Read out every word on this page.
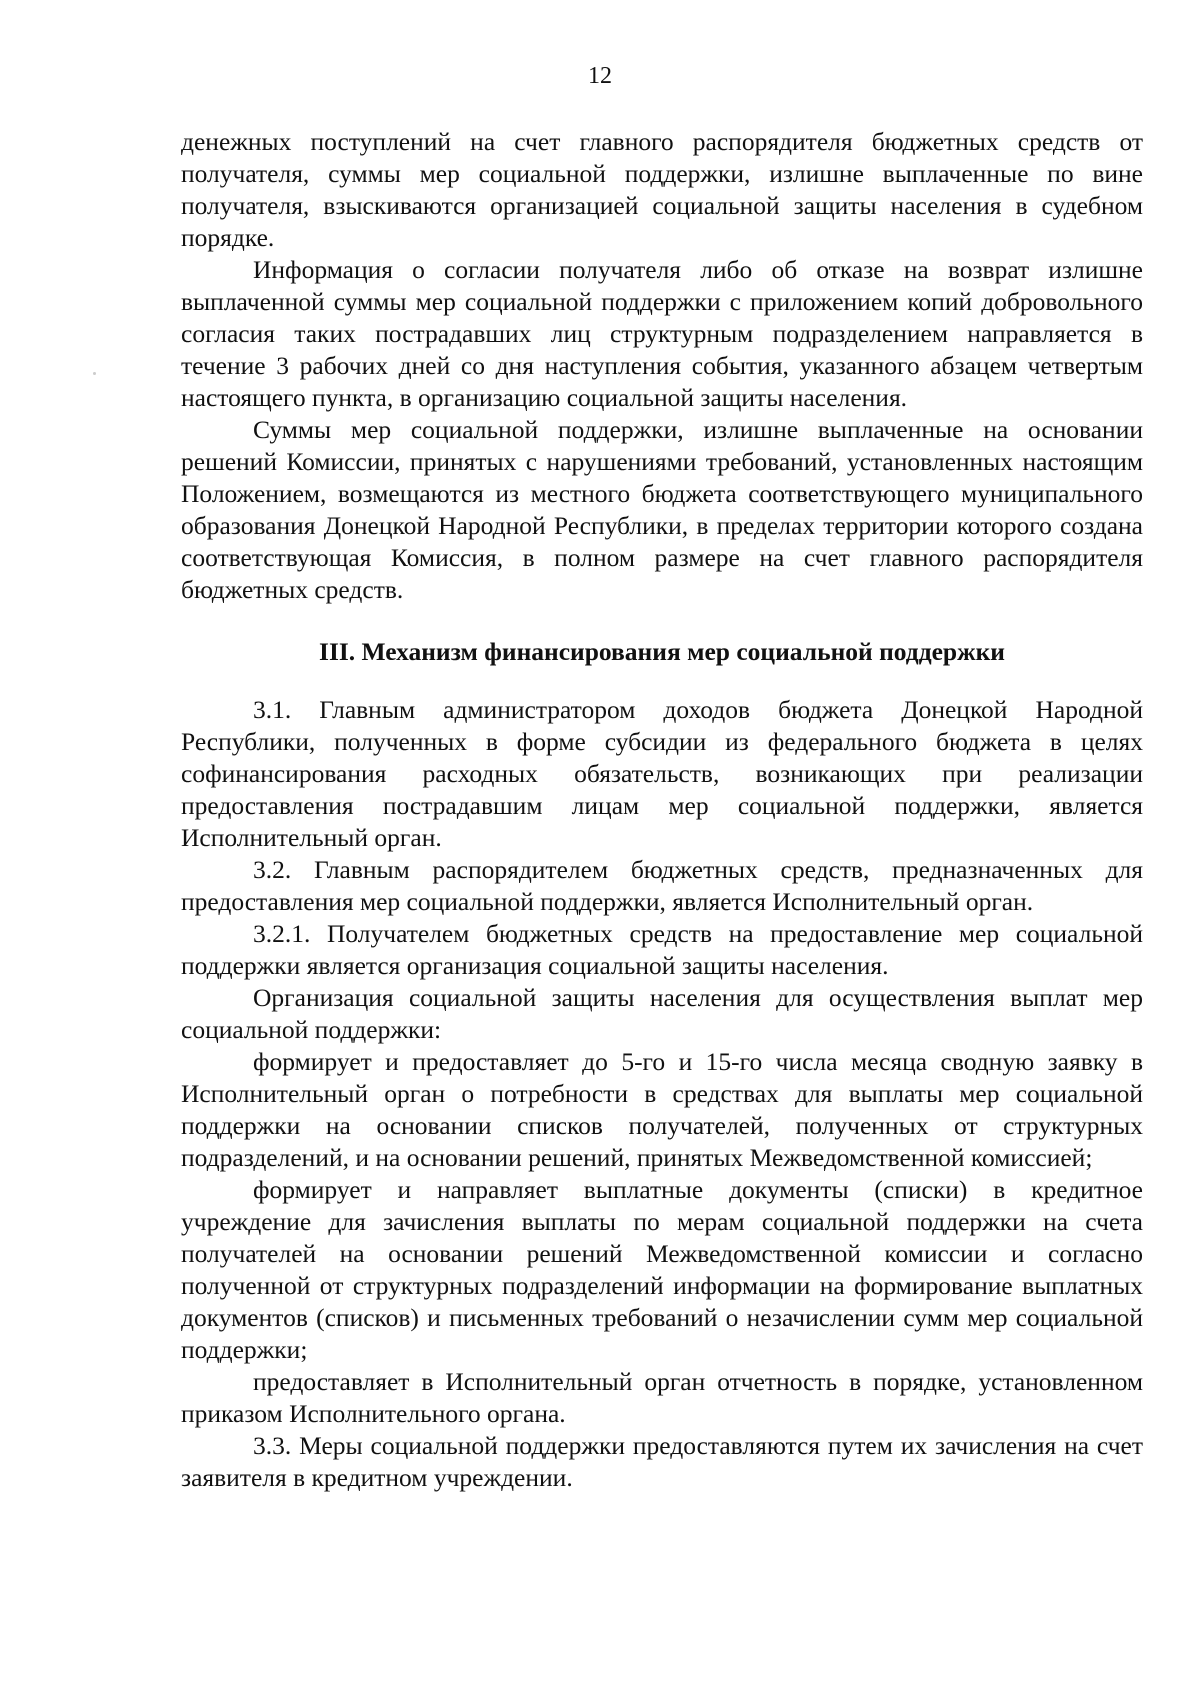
12

денежных поступлений на счет главного распорядителя бюджетных средств от получателя, суммы мер социальной поддержки, излишне выплаченные по вине получателя, взыскиваются организацией социальной защиты населения в судебном порядке.

Информация о согласии получателя либо об отказе на возврат излишне выплаченной суммы мер социальной поддержки с приложением копий добровольного согласия таких пострадавших лиц структурным подразделением направляется в течение 3 рабочих дней со дня наступления события, указанного абзацем четвертым настоящего пункта, в организацию социальной защиты населения.

Суммы мер социальной поддержки, излишне выплаченные на основании решений Комиссии, принятых с нарушениями требований, установленных настоящим Положением, возмещаются из местного бюджета соответствующего муниципального образования Донецкой Народной Республики, в пределах территории которого создана соответствующая Комиссия, в полном размере на счет главного распорядителя бюджетных средств.

III. Механизм финансирования мер социальной поддержки

3.1. Главным администратором доходов бюджета Донецкой Народной Республики, полученных в форме субсидии из федерального бюджета в целях софинансирования расходных обязательств, возникающих при реализации предоставления пострадавшим лицам мер социальной поддержки, является Исполнительный орган.

3.2. Главным распорядителем бюджетных средств, предназначенных для предоставления мер социальной поддержки, является Исполнительный орган.

3.2.1. Получателем бюджетных средств на предоставление мер социальной поддержки является организация социальной защиты населения.

Организация социальной защиты населения для осуществления выплат мер социальной поддержки:

формирует и предоставляет до 5-го и 15-го числа месяца сводную заявку в Исполнительный орган о потребности в средствах для выплаты мер социальной поддержки на основании списков получателей, полученных от структурных подразделений, и на основании решений, принятых Межведомственной комиссией;

формирует и направляет выплатные документы (списки) в кредитное учреждение для зачисления выплаты по мерам социальной поддержки на счета получателей на основании решений Межведомственной комиссии и согласно полученной от структурных подразделений информации на формирование выплатных документов (списков) и письменных требований о незачислении сумм мер социальной поддержки;

предоставляет в Исполнительный орган отчетность в порядке, установленном приказом Исполнительного органа.

3.3. Меры социальной поддержки предоставляются путем их зачисления на счет заявителя в кредитном учреждении.
